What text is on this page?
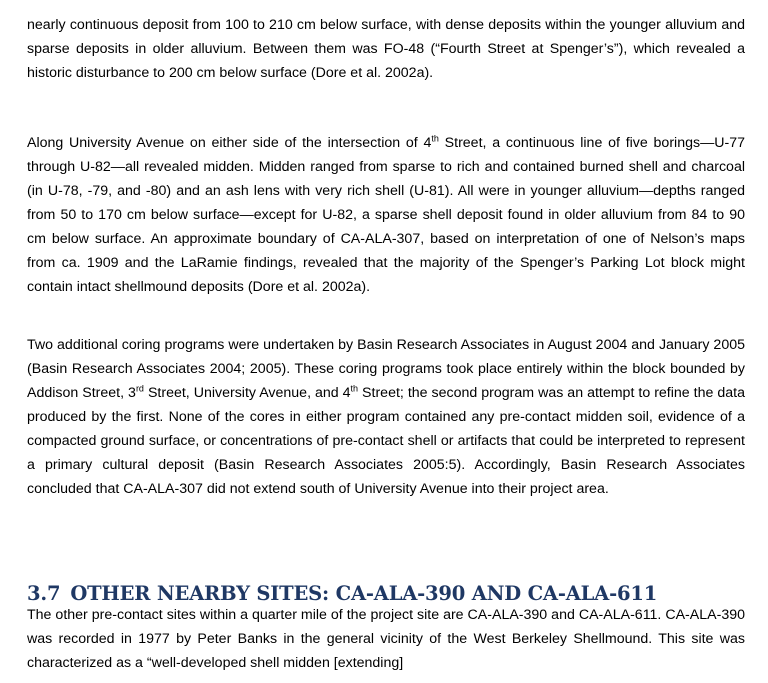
nearly continuous deposit from 100 to 210 cm below surface, with dense deposits within the younger alluvium and sparse deposits in older alluvium. Between them was FO-48 (“Fourth Street at Spenger’s”), which revealed a historic disturbance to 200 cm below surface (Dore et al. 2002a).

Along University Avenue on either side of the intersection of 4th Street, a continuous line of five borings—U-77 through U-82—all revealed midden. Midden ranged from sparse to rich and contained burned shell and charcoal (in U-78, -79, and -80) and an ash lens with very rich shell (U-81). All were in younger alluvium—depths ranged from 50 to 170 cm below surface—except for U-82, a sparse shell deposit found in older alluvium from 84 to 90 cm below surface. An approximate boundary of CA-ALA-307, based on interpretation of one of Nelson’s maps from ca. 1909 and the LaRamie findings, revealed that the majority of the Spenger’s Parking Lot block might contain intact shellmound deposits (Dore et al. 2002a).

Two additional coring programs were undertaken by Basin Research Associates in August 2004 and January 2005 (Basin Research Associates 2004; 2005). These coring programs took place entirely within the block bounded by Addison Street, 3rd Street, University Avenue, and 4th Street; the second program was an attempt to refine the data produced by the first. None of the cores in either program contained any pre-contact midden soil, evidence of a compacted ground surface, or concentrations of pre-contact shell or artifacts that could be interpreted to represent a primary cultural deposit (Basin Research Associates 2005:5). Accordingly, Basin Research Associates concluded that CA-ALA-307 did not extend south of University Avenue into their project area.

3.7 OTHER NEARBY SITES: CA-ALA-390 AND CA-ALA-611

The other pre-contact sites within a quarter mile of the project site are CA-ALA-390 and CA-ALA-611. CA-ALA-390 was recorded in 1977 by Peter Banks in the general vicinity of the West Berkeley Shellmound. This site was characterized as a “well-developed shell midden [extending]
